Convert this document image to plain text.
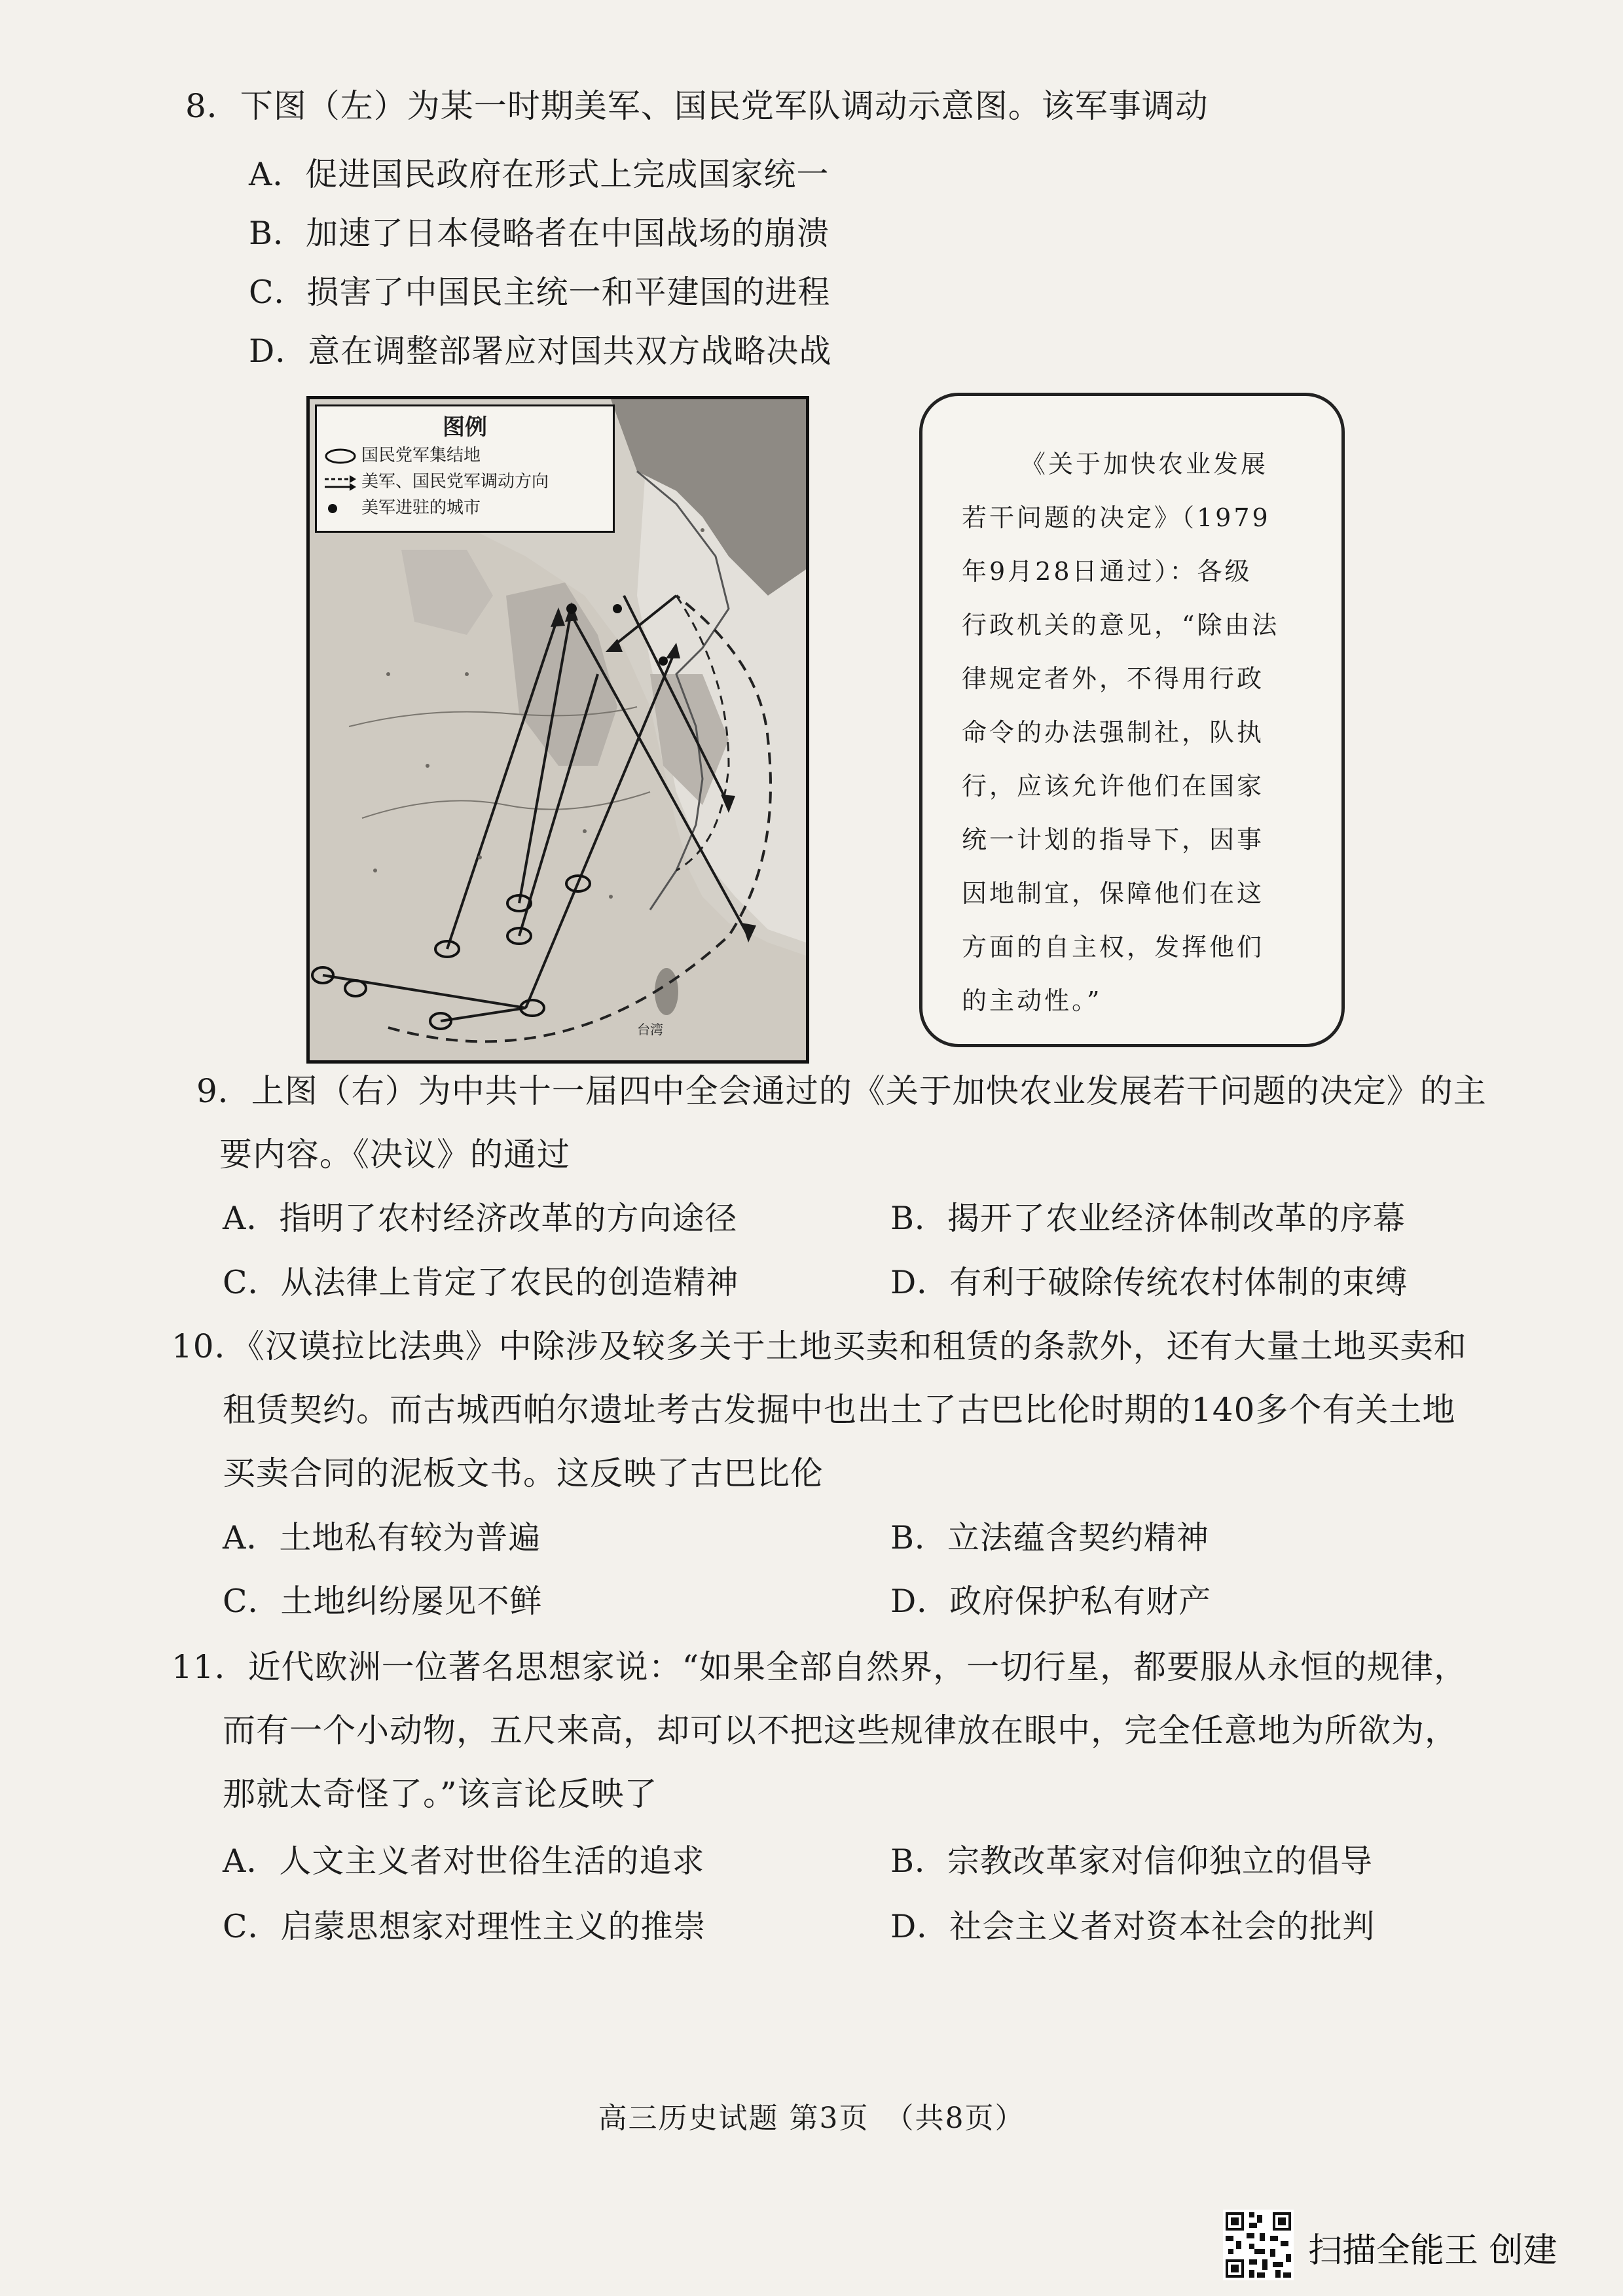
8．下图（左）为某一时期美军、国民党军队调动示意图。该军事调动
A．促进国民政府在形式上完成国家统一
B．加速了日本侵略者在中国战场的崩溃
C．损害了中国民主统一和平建国的进程
D．意在调整部署应对国共双方战略决战
台湾
图例
国民党军集结地
美军、国民党军调动方向
美军进驻的城市
《关于加快农业发展
若干问题的决定》（1979
年9月28日通过）：各级
行政机关的意见，“除由法
律规定者外，不得用行政
命令的办法强制社，队执
行，应该允许他们在国家
统一计划的指导下，因事
因地制宜，保障他们在这
方面的自主权，发挥他们
的主动性。”
9．上图（右）为中共十一届四中全会通过的《关于加快农业发展若干问题的决定》的主
要内容。《决议》的通过
A．指明了农村经济改革的方向途径	B．揭开了农业经济体制改革的序幕
C．从法律上肯定了农民的创造精神	D．有利于破除传统农村体制的束缚
10．《汉谟拉比法典》中除涉及较多关于土地买卖和租赁的条款外，还有大量土地买卖和
租赁契约。而古城西帕尔遗址考古发掘中也出土了古巴比伦时期的140多个有关土地
买卖合同的泥板文书。这反映了古巴比伦
A．土地私有较为普遍	B．立法蕴含契约精神
C．土地纠纷屡见不鲜	D．政府保护私有财产
11．近代欧洲一位著名思想家说：“如果全部自然界，一切行星，都要服从永恒的规律，
而有一个小动物，五尺来高，却可以不把这些规律放在眼中，完全任意地为所欲为，
那就太奇怪了。”该言论反映了
A．人文主义者对世俗生活的追求	B．宗教改革家对信仰独立的倡导
C．启蒙思想家对理性主义的推崇	D．社会主义者对资本社会的批判
高三历史试题 第3页　（共8页）
扫描全能王 创建
